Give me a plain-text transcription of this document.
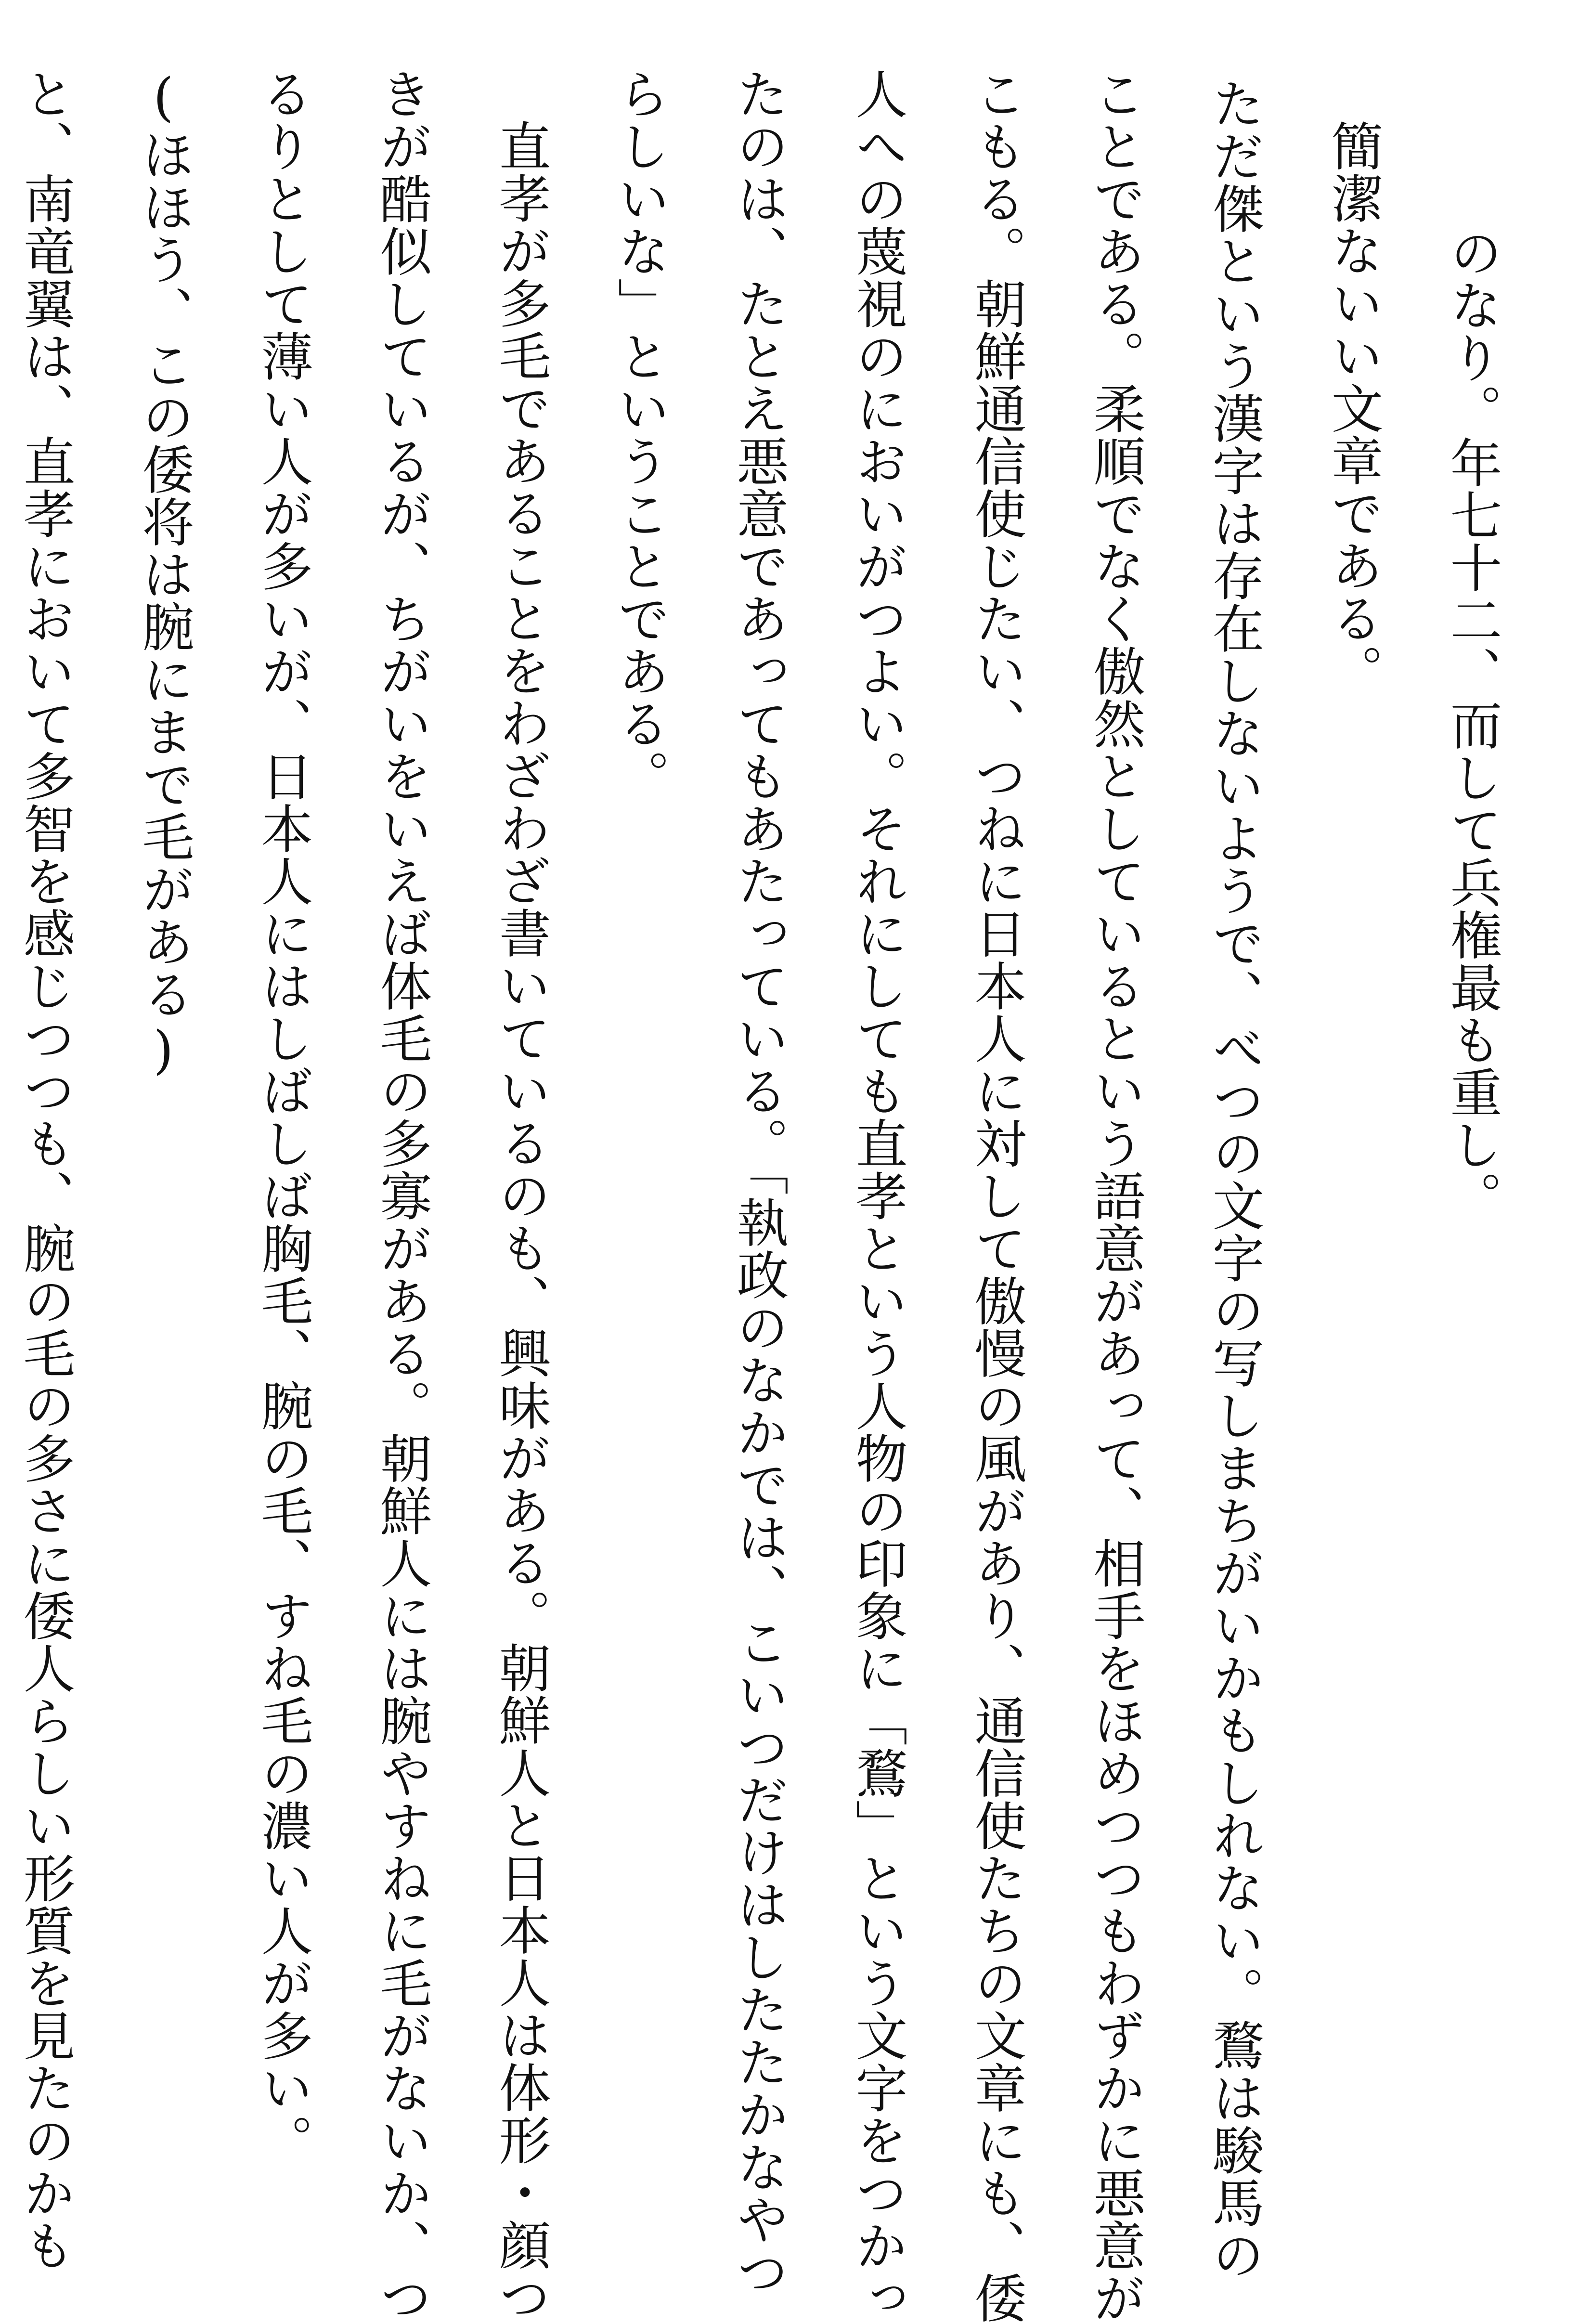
のなり。年七十二、而して兵権最も重し。
簡潔ないい文章である。
ただ傑という漢字は存在しないようで、べつの文字の写しまちがいかもしれない。鶩は駿馬の
ことである。柔順でなく傲然としているという語意があって、相手をほめつつもわずかに悪意が
こもる。朝鮮通信使じたい、つねに日本人に対して傲慢の風があり、通信使たちの文章にも、倭
人への蔑視のにおいがつよい。それにしても直孝という人物の印象に「鶩」という文字をつかっ
たのは、たとえ悪意であってもあたっている。「執政のなかでは、こいつだけはしたたかなやつ
らしいな」ということである。
直孝が多毛であることをわざわざ書いているのも、興味がある。朝鮮人と日本人は体形・顔つ
きが酷似しているが、ちがいをいえば体毛の多寡がある。朝鮮人には腕やすねに毛がないか、つ
るりとして薄い人が多いが、日本人にはしばしば胸毛、腕の毛、すね毛の濃い人が多い。
(ほほう、この倭将は腕にまで毛がある)
と、南竜翼は、直孝において多智を感じつつも、腕の毛の多さに倭人らしい形質を見たのかも
